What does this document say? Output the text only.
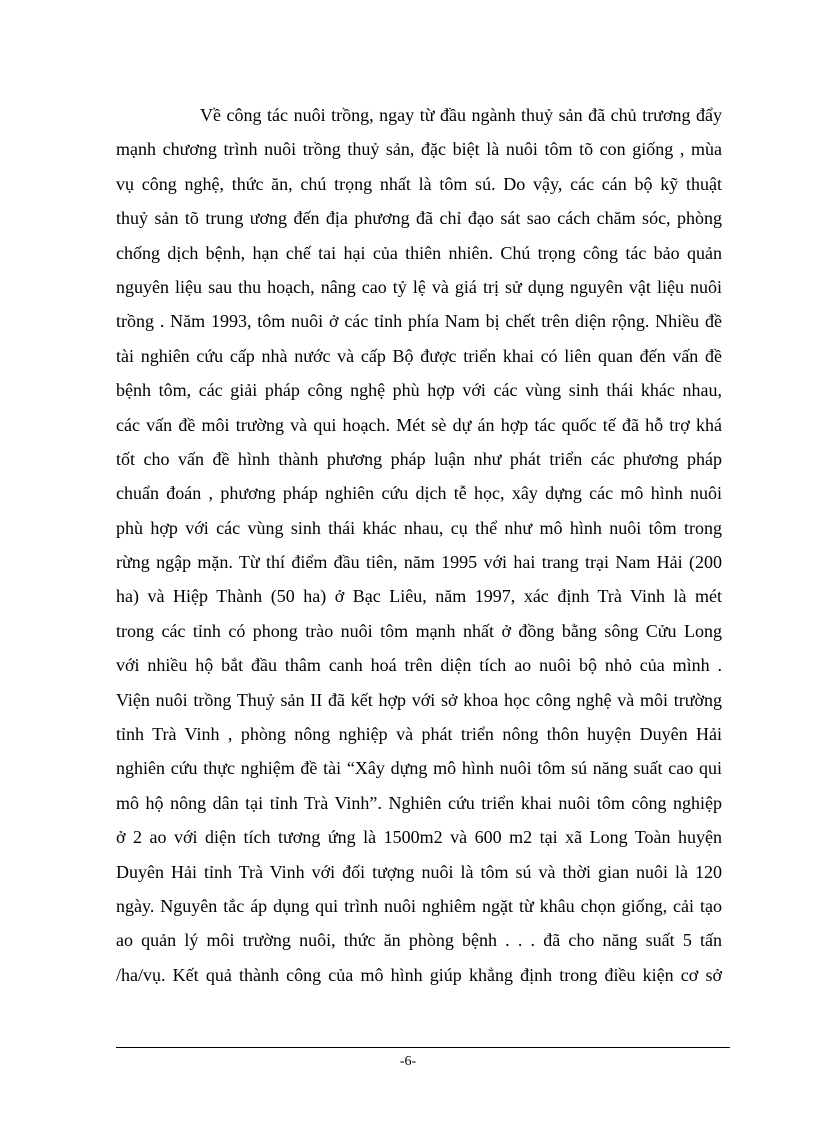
Về công tác nuôi trồng, ngay từ đầu ngành thuỷ sản đã chủ trương đẩy
mạnh chương trình nuôi trồng thuỷ sản, đặc biệt là nuôi tôm tõ con giống , mùa
vụ công nghệ, thức ăn, chú trọng nhất là tôm sú. Do vậy, các cán bộ kỹ thuật
thuỷ sản tõ trung ương đến địa phương đã chỉ đạo sát sao cách chăm sóc, phòng
chống dịch bệnh, hạn chế tai hại của thiên nhiên. Chú trọng công tác bảo quản
nguyên liệu sau thu hoạch, nâng cao tỷ lệ và giá trị sử dụng nguyên vật liệu nuôi
trồng . Năm 1993, tôm nuôi ở các tỉnh phía Nam bị chết trên diện rộng. Nhiều đề
tài nghiên cứu cấp nhà nước và cấp Bộ được triển khai có liên quan đến vấn đề
bệnh tôm, các giải pháp công nghệ phù hợp với các vùng sinh thái khác nhau,
các vấn đề môi trường và qui hoạch. Mét sè dự án hợp tác quốc tế đã hỗ trợ khá
tốt cho vấn đề hình thành phương pháp luận như phát triển các phương pháp
chuẩn đoán , phương pháp nghiên cứu dịch tễ học, xây dựng các mô hình nuôi
phù hợp với các vùng sinh thái khác nhau, cụ thể như mô hình nuôi tôm trong
rừng ngập mặn. Từ thí điểm đầu tiên, năm 1995 với hai trang trại Nam Hải (200
ha) và Hiệp Thành (50 ha) ở Bạc Liêu, năm 1997, xác định Trà Vinh là mét
trong các tỉnh có phong trào nuôi tôm mạnh nhất ở đồng bằng sông Cửu Long
với nhiều hộ bắt đầu thâm canh hoá trên diện tích ao nuôi bộ nhỏ của mình .
Viện nuôi trồng Thuỷ sản II đã kết hợp với sở khoa học công nghệ và môi trường
tỉnh Trà Vinh , phòng nông nghiệp và phát triển nông thôn huyện Duyên Hải
nghiên cứu thực nghiệm đề tài “Xây dựng mô hình nuôi tôm sú năng suất cao qui
mô hộ nông dân tại tỉnh Trà Vinh”. Nghiên cứu triển khai nuôi tôm công nghiệp
ở 2 ao với diện tích tương ứng là 1500m2 và 600 m2 tại xã Long Toàn huyện
Duyên Hải tỉnh Trà Vinh với đối tượng nuôi là tôm sú và thời gian nuôi là 120
ngày. Nguyên tắc áp dụng qui trình nuôi nghiêm ngặt từ khâu chọn giống, cải tạo
ao quản lý môi trường nuôi, thức ăn phòng bệnh . . . đã cho năng suất 5 tấn
/ha/vụ. Kết quả thành công của mô hình giúp khẳng định trong điều kiện cơ sở
-6-
